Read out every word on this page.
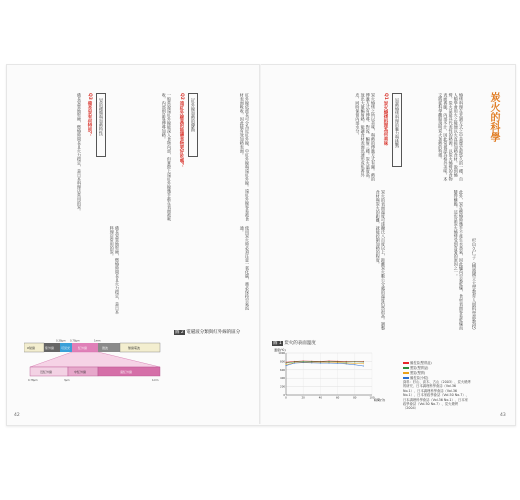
炭火的科學
杉山久仁子（橫濱國立大學教育人間科學部教授）
燒烤料理在烹調方式之中是歷史最悠久的一種，自人類學會用火之後便以火直接加熱食材。說到燒烤，炭火是最具代表性的熱源。以炭火燒烤的食物表面香脆、內部多汁，因此常被認為格外美味。本文將從科學觀點說明炭火加熱的特徵。
［加熱燒烤料理的魅力與挑戰］
Q1 炭火燒烤料理為何美味
炭火燒烤之所以美味，與熱的傳遞方式有關。熱的傳遞方式有傳導、對流、輻射三種。炭火溫度高，放出大量輻射熱，能讓食材表面迅速形成焦香外皮，同時保留內部水分。
此外，炭在燃燒時幾乎不產生水蒸氣，因此爐內空氣乾燥，食材表面容易乾燥而變得酥脆。這也是炭火燒烤受到喜愛的原因之一。
炭火的表面溫度可達攝氏八百度以上，距離炭火數公分處的溫度仍然很高。調整食材與炭火的距離，就能控制加熱的程度。
圖 1 炭火的表面溫度
0
200
400
600
800
1000
0	20	40	60	80	100
溫度(℃)
時間(分)
備長炭(堅實品)
黑炭(堅實品)
黑炭(堅實)
備長炭(小粒)
資料：杉山、高木、古山（2003）、炭火燒烤的研究、日本調理科學會誌（Vol.36 No.1）、日本調理科學會誌（Vol.36 No.1）、日本家政學會誌（Vol.50 No.7）、日本調理科學會誌（Vol.36 No.1）、日本家政學會誌（Vol.50 No.7）、炭火燒烤（2004）
43
紅外線依波長可分為近紅外線、中紅外線與遠紅外線。遠紅外線容易被食材表面吸收，因此能有效加熱表面。
［紅外線加熱的優點］
Q2 遠紅外線真的能讓食物更好吃嗎？
一般常說遠紅外線能深入食物內部，但實際上遠紅外線幾乎都在表面被吸收，內部則是靠傳導加熱。
［炭的種類與加熱特性］
Q3 備長炭有何特別？
備長炭質地堅硬，燃燒時間長且火力穩定，是日本料理店常用的炭。
使用炭火時必須注意一氧化碳，務必保持空氣流通。
備長炭質地堅硬，燃燒時間長且火力穩定，是日本料理店常用的炭。
圖 2 電磁波分類與紅外線的區分
X射線	紫外線 可見光	紅外線	微波	無線電波
0.38μm 0.78μm	1mm
近紅外線	中紅外線	遠紅外線
0.78μm	3μm	1mm
42
